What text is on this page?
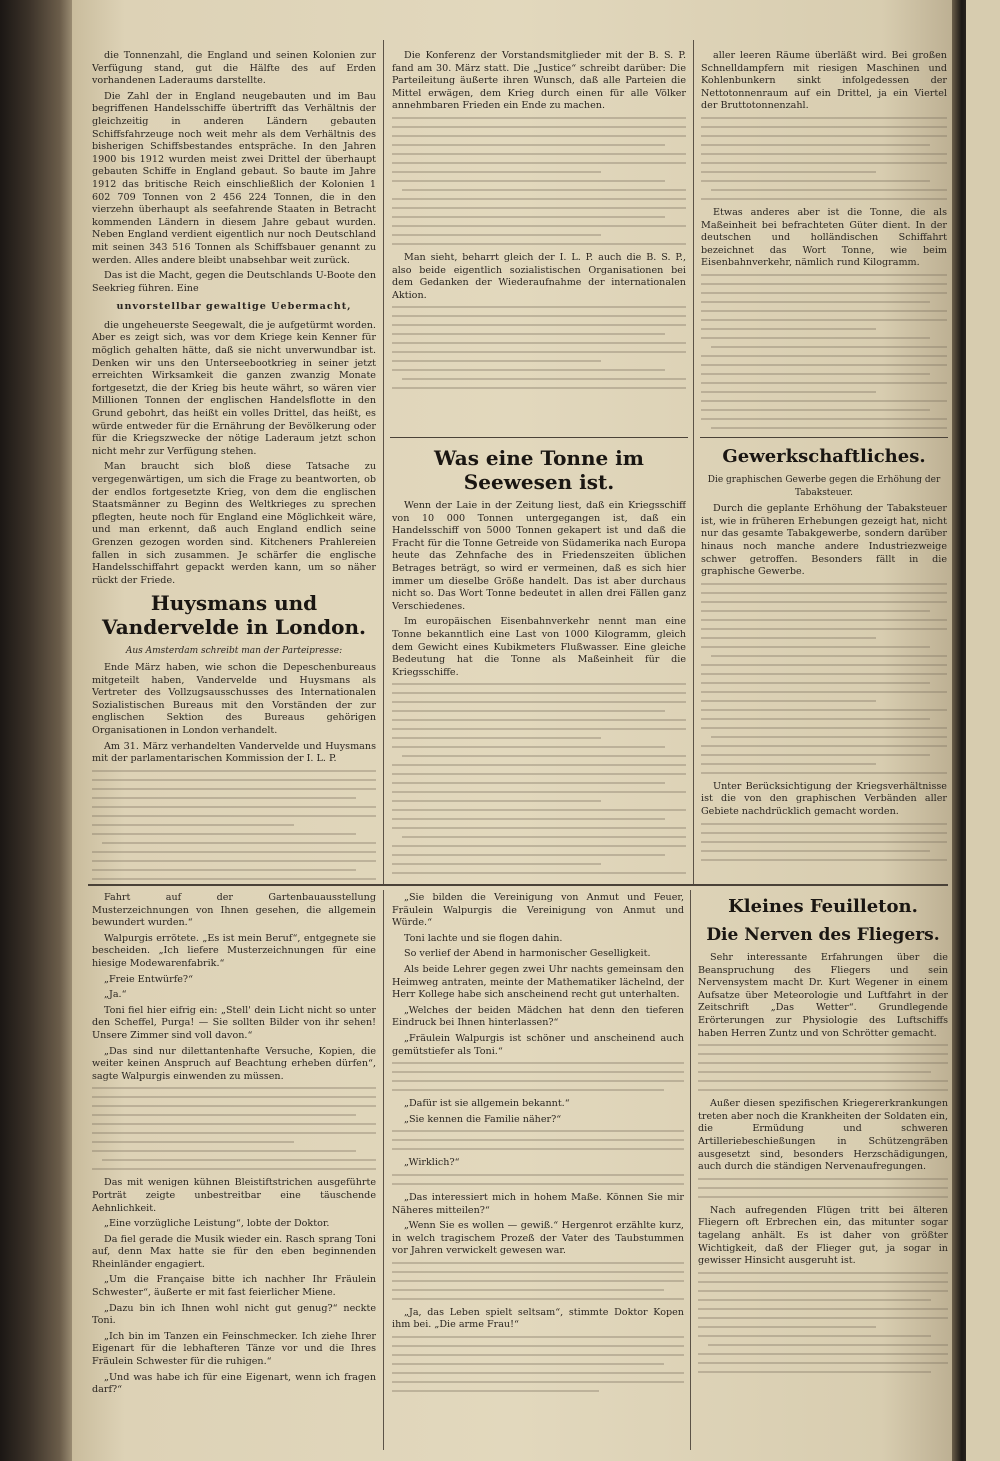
die Tonnenzahl, die England und seinen Kolonien zur Verfügung stand, gut die Hälfte des auf Erden vorhandenen Laderaums darstellte.

Die Zahl der in England neugebauten und im Bau begriffenen Handelsschiffe übertrifft das Verhältnis der gleichzeitig in anderen Ländern gebauten Schiffsfahrzeuge noch weit mehr als dem Verhältnis des bisherigen Schiffsbestandes entspräche. In den Jahren 1900 bis 1912 wurden meist zwei Drittel der überhaupt gebauten Schiffe in England gebaut. So baute im Jahre 1912 das britische Reich einschließlich der Kolonien 1 602 709 Tonnen von 2 456 224 Tonnen, die in den vierzehn überhaupt als seefahrende Staaten in Betracht kommenden Ländern in diesem Jahre gebaut wurden. Neben England verdient eigentlich nur noch Deutschland mit seinen 343 516 Tonnen als Schiffsbauer genannt zu werden. Alles andere bleibt unabsehbar weit zurück.

Das ist die Macht, gegen die Deutschlands U-Boote den Seekrieg führen. Eine

unvorstellbar gewaltige Uebermacht,

die ungeheuerste Seegewalt, die je aufgetürmt worden. Aber es zeigt sich, was vor dem Kriege kein Kenner für möglich gehalten hätte, daß sie nicht unverwundbar ist. Denken wir uns den Unterseebootkrieg in seiner jetzt erreichten Wirksamkeit die ganzen zwanzig Monate fortgesetzt, die der Krieg bis heute währt, so wären vier Millionen Tonnen der englischen Handelsflotte in den Grund gebohrt, das heißt ein volles Drittel, das heißt, es würde entweder für die Ernährung der Bevölkerung oder für die Kriegszwecke der nötige Laderaum jetzt schon nicht mehr zur Verfügung stehen.

Man braucht sich bloß diese Tatsache zu vergegenwärtigen, um sich die Frage zu beantworten, ob der endlos fortgesetzte Krieg, von dem die englischen Staatsmänner zu Beginn des Weltkrieges zu sprechen pflegten, heute noch für England eine Möglichkeit wäre, und man erkennt, daß auch England endlich seine Grenzen gezogen worden sind. Kitcheners Prahlereien fallen in sich zusammen. Je schärfer die englische Handelsschiffahrt gepackt werden kann, um so näher rückt der Friede.

Huysmans und Vandervelde in London.
Aus Amsterdam schreibt man der Parteipresse:

Ende März haben, wie schon die Depeschenbureaus mitgeteilt haben, Vandervelde und Huysmans als Vertreter des Vollzugsausschusses des Internationalen Sozialistischen Bureaus mit den Vorständen der zur englischen Sektion des Bureaus gehörigen Organisationen in London verhandelt.

Am 31. März verhandelten Vandervelde und Huysmans mit der parlamentarischen Kommission der I. L. P.

Die Konferenz der Vorstandsmitglieder mit der B. S. P. fand am 30. März statt. Die „Justice“ schreibt darüber: Die Parteileitung äußerte ihren Wunsch, daß alle Parteien die Mittel erwägen, dem Krieg durch einen für alle Völker annehmbaren Frieden ein Ende zu machen.

Man sieht, beharrt gleich der I. L. P. auch die B. S. P., also beide eigentlich sozialistischen Organisationen bei dem Gedanken der Wiederaufnahme der internationalen Aktion.

Was eine Tonne im Seewesen ist.

Wenn der Laie in der Zeitung liest, daß ein Kriegsschiff von 10 000 Tonnen untergegangen ist, daß ein Handelsschiff von 5000 Tonnen gekapert ist und daß die Fracht für die Tonne Getreide von Südamerika nach Europa heute das Zehnfache des in Friedenszeiten üblichen Betrages beträgt, so wird er vermeinen, daß es sich hier immer um dieselbe Größe handelt. Das ist aber durchaus nicht so. Das Wort Tonne bedeutet in allen drei Fällen ganz Verschiedenes.

Im europäischen Eisenbahnverkehr nennt man eine Tonne bekanntlich eine Last von 1000 Kilogramm, gleich dem Gewicht eines Kubikmeters Flußwasser. Eine gleiche Bedeutung hat die Tonne als Maßeinheit für die Kriegsschiffe.

aller leeren Räume überläßt wird. Bei großen Schnelldampfern mit riesigen Maschinen und Kohlenbunkern sinkt infolgedessen der Nettotonnenraum auf ein Drittel, ja ein Viertel der Bruttotonnenzahl.

Etwas anderes aber ist die Tonne, die als Maßeinheit bei befrachteten Güter dient. In der deutschen und holländischen Schiffahrt bezeichnet das Wort Tonne, wie beim Eisenbahnverkehr, nämlich rund Kilogramm.

Gewerkschaftliches.
Die graphischen Gewerbe gegen die Erhöhung der Tabaksteuer.

Durch die geplante Erhöhung der Tabaksteuer ist, wie in früheren Erhebungen gezeigt hat, nicht nur das gesamte Tabakgewerbe, sondern darüber hinaus noch manche andere Industriezweige schwer getroffen. Besonders fällt in die graphische Gewerbe.

Unter Berücksichtigung der Kriegsverhältnisse ist die von den graphischen Verbänden aller Gebiete nachdrücklich gemacht worden.

Fahrt auf der Gartenbauausstellung Musterzeichnungen von Ihnen gesehen, die allgemein bewundert wurden.“

Walpurgis errötete. „Es ist mein Beruf“, entgegnete sie bescheiden. „Ich liefere Musterzeichnungen für eine hiesige Modewarenfabrik.“

„Freie Entwürfe?“

„Ja.“

Toni fiel hier eifrig ein: „Stell' dein Licht nicht so unter den Scheffel, Purga! — Sie sollten Bilder von ihr sehen! Unsere Zimmer sind voll davon.“

„Das sind nur dilettantenhafte Versuche, Kopien, die weiter keinen Anspruch auf Beachtung erheben dürfen“, sagte Walpurgis einwenden zu müssen.

Das mit wenigen kühnen Bleistiftstrichen ausgeführte Porträt zeigte unbestreitbar eine täuschende Aehnlichkeit.

„Eine vorzügliche Leistung“, lobte der Doktor.

Da fiel gerade die Musik wieder ein. Rasch sprang Toni auf, denn Max hatte sie für den eben beginnenden Rheinländer engagiert.

„Um die Française bitte ich nachher Ihr Fräulein Schwester“, äußerte er mit fast feierlicher Miene.

„Dazu bin ich Ihnen wohl nicht gut genug?“ neckte Toni.

„Ich bin im Tanzen ein Feinschmecker. Ich ziehe Ihrer Eigenart für die lebhafteren Tänze vor und die Ihres Fräulein Schwester für die ruhigen.“

„Und was habe ich für eine Eigenart, wenn ich fragen darf?“

„Sie bilden die Vereinigung von Anmut und Feuer, Fräulein Walpurgis die Vereinigung von Anmut und Würde.“

Toni lachte und sie flogen dahin.

So verlief der Abend in harmonischer Geselligkeit.

Als beide Lehrer gegen zwei Uhr nachts gemeinsam den Heimweg antraten, meinte der Mathematiker lächelnd, der Herr Kollege habe sich anscheinend recht gut unterhalten.

„Welches der beiden Mädchen hat denn den tieferen Eindruck bei Ihnen hinterlassen?“

„Fräulein Walpurgis ist schöner und anscheinend auch gemütstiefer als Toni.“

„Dafür ist sie allgemein bekannt.“

„Sie kennen die Familie näher?“

„Wirklich?“

„Das interessiert mich in hohem Maße. Können Sie mir Näheres mitteilen?“

„Wenn Sie es wollen — gewiß.“ Hergenrot erzählte kurz, in welch tragischem Prozeß der Vater des Taubstummen vor Jahren verwickelt gewesen war.

„Ja, das Leben spielt seltsam“, stimmte Doktor Kopen ihm bei. „Die arme Frau!“

Kleines Feuilleton.
Die Nerven des Fliegers.

Sehr interessante Erfahrungen über die Beanspruchung des Fliegers und sein Nervensystem macht Dr. Kurt Wegener in einem Aufsatze über Meteorologie und Luftfahrt in der Zeitschrift „Das Wetter“. Grundlegende Erörterungen zur Physiologie des Luftschiffs haben Herren Zuntz und von Schrötter gemacht.

Außer diesen spezifischen Kriegererkrankungen treten aber noch die Krankheiten der Soldaten ein, die Ermüdung und schweren Artilleriebeschießungen in Schützengräben ausgesetzt sind, besonders Herzschädigungen, auch durch die ständigen Nervenaufregungen.

Nach aufregenden Flügen tritt bei älteren Fliegern oft Erbrechen ein, das mitunter sogar tagelang anhält. Es ist daher von größter Wichtigkeit, daß der Flieger gut, ja sogar in gewisser Hinsicht ausgeruht ist.
